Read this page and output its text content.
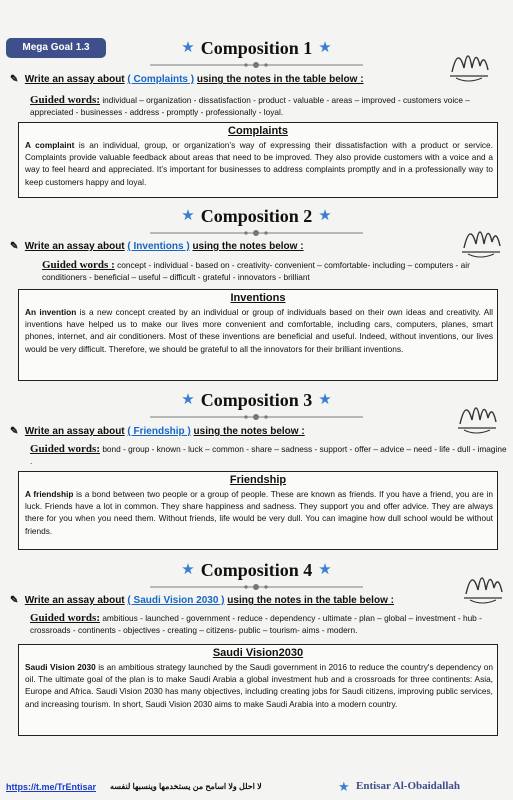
Mega Goal 1.3	★ Composition 1 ★
✎ Write an assay about ( Complaints ) using the notes in the table below :
Guided words: individual – organization - dissatisfaction - product - valuable - areas – improved - customers voice – appreciated - businesses - address - promptly - professionally - loyal.
Complaints
A complaint is an individual, group, or organization’s way of expressing their dissatisfaction with a product or service. Complaints provide valuable feedback about areas that need to be improved. They also provide customers with a voice and a way to feel heard and appreciated. It’s important for businesses to address complaints promptly and in a professionally way to keep customers happy and loyal.
★ Composition 2 ★
✎ Write an assay about ( Inventions ) using the notes below :
Guided words : concept - individual - based on - creativity- convenient – comfortable- including – computers - air conditioners - beneficial – useful – difficult - grateful - innovators - brilliant
Inventions
An invention is a new concept created by an individual or group of individuals based on their own ideas and creativity. All inventions have helped us to make our lives more convenient and comfortable, including cars, computers, planes, smart phones, internet, and air conditioners. Most of these inventions are beneficial and useful. Indeed, without inventions, our lives would be very difficult. Therefore, we should be grateful to all the innovators for their brilliant inventions.
★ Composition 3 ★
✎ Write an assay about ( Friendship ) using the notes below :
Guided words: bond - group - known - luck – common - share – sadness - support - offer – advice – need - life - dull - imagine .
Friendship
A friendship is a bond between two people or a group of people. These are known as friends. If you have a friend, you are in luck. Friends have a lot in common. They share happiness and sadness. They support you and offer advice. They are always there for you when you need them. Without friends, life would be very dull. You can imagine how dull school would be without friends.
★ Composition 4 ★
✎ Write an assay about ( Saudi Vision 2030 ) using the notes in the table below :
Guided words: ambitious - launched - government - reduce - dependency - ultimate - plan – global – investment - hub - crossroads - continents - objectives - creating – citizens- public – tourism- aims - modern.
Saudi Vision2030
Saudi Vision 2030 is an ambitious strategy launched by the Saudi government in 2016 to reduce the country's dependency on oil. The ultimate goal of the plan is to make Saudi Arabia a global investment hub and a crossroads for three continents: Asia, Europe and Africa. Saudi Vision 2030 has many objectives, including creating jobs for Saudi citizens, improving public services, and increasing tourism. In short, Saudi Vision 2030 aims to make Saudi Arabia into a modern country.
https://t.me/TrEntisar لا احلل ولا اسامح من يستخدمها وينسبها لنفسه	★ Entisar Al-Obaidallah
